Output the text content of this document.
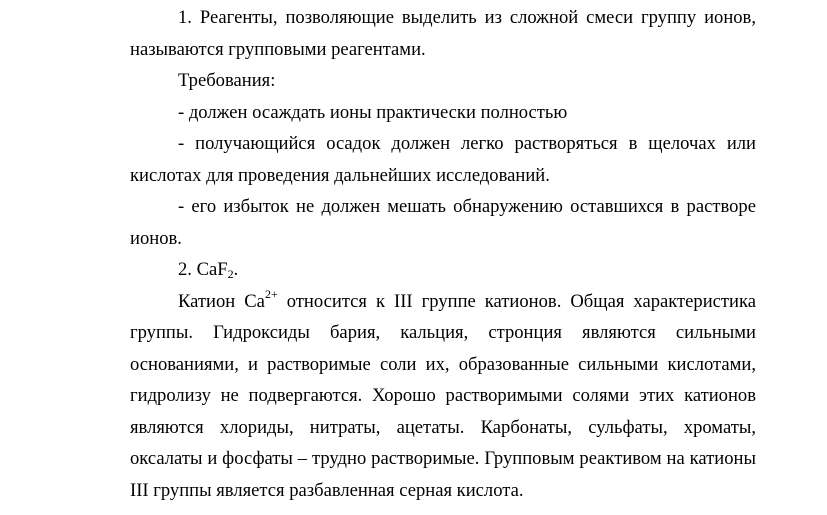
1. Реагенты, позволяющие выделить из сложной смеси группу ионов, называются групповыми реагентами.

Требования:

- должен осаждать ионы практически полностью

- получающийся осадок должен легко растворяться в щелочах или кислотах для проведения дальнейших исследований.

- его избыток не должен мешать обнаружению оставшихся в растворе ионов.

2. CaF2.

Катион $Ca^{2+}$ относится к III группе катионов. Общая характеристика группы. Гидроксиды бария, кальция, стронция являются сильными основаниями, и растворимые соли их, образованные сильными кислотами, гидролизу не подвергаются. Хорошо растворимыми солями этих катионов являются хлориды, нитраты, ацетаты. Карбонаты, сульфаты, хроматы, оксалаты и фосфаты – трудно растворимые. Групповым реактивом на катионы III группы является разбавленная серная кислота.
